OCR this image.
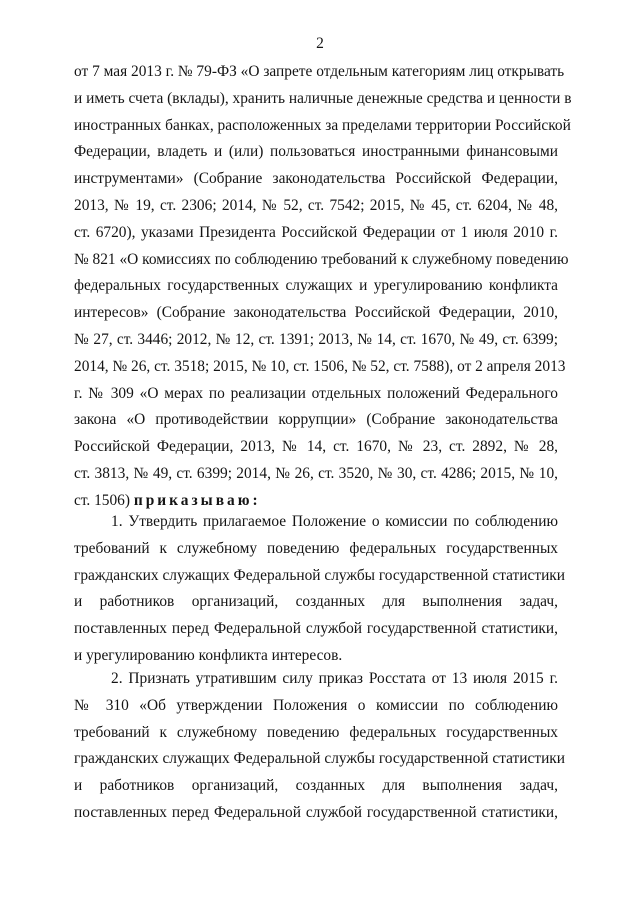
2
от 7 мая 2013 г. № 79-ФЗ «О запрете отдельным категориям лиц открывать
и иметь счета (вклады), хранить наличные денежные средства и ценности в
иностранных банках, расположенных за пределами территории Российской
Федерации, владеть и (или) пользоваться иностранными финансовыми
инструментами» (Собрание законодательства Российской Федерации,
2013, № 19, ст. 2306; 2014, № 52, ст. 7542; 2015, № 45, ст. 6204, № 48,
ст. 6720), указами Президента Российской Федерации от 1 июля 2010 г.
№ 821 «О комиссиях по соблюдению требований к служебному поведению
федеральных государственных служащих и урегулированию конфликта
интересов» (Собрание законодательства Российской Федерации, 2010,
№ 27, ст. 3446; 2012, № 12, ст. 1391; 2013, № 14, ст. 1670, № 49, ст. 6399;
2014, № 26, ст. 3518; 2015, № 10, ст. 1506, № 52, ст. 7588), от 2 апреля 2013
г. № 309 «О мерах по реализации отдельных положений Федерального
закона «О противодействии коррупции» (Собрание законодательства
Российской Федерации, 2013, № 14, ст. 1670, № 23, ст. 2892, № 28,
ст. 3813, № 49, ст. 6399; 2014, № 26, ст. 3520, № 30, ст. 4286; 2015, № 10,
ст. 1506) приказываю:
1. Утвердить прилагаемое Положение о комиссии по соблюдению
требований к служебному поведению федеральных государственных
гражданских служащих Федеральной службы государственной статистики
и работников организаций, созданных для выполнения задач,
поставленных перед Федеральной службой государственной статистики,
и урегулированию конфликта интересов.
2. Признать утратившим силу приказ Росстата от 13 июля 2015 г.
№ 310 «Об утверждении Положения о комиссии по соблюдению
требований к служебному поведению федеральных государственных
гражданских служащих Федеральной службы государственной статистики
и работников организаций, созданных для выполнения задач,
поставленных перед Федеральной службой государственной статистики,
